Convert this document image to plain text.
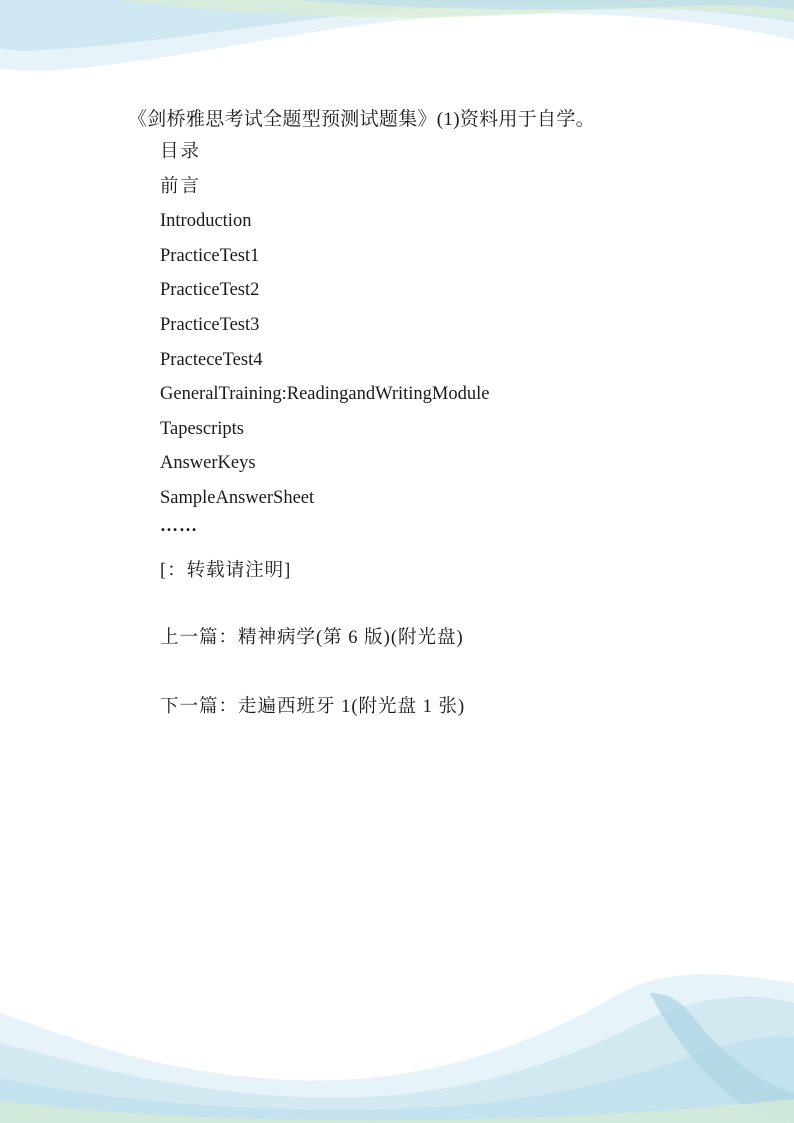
《剑桥雅思考试全题型预测试题集》(1)资料用于自学。
目录
前言
Introduction
PracticeTest1
PracticeTest2
PracticeTest3
PracteceTest4
GeneralTraining:ReadingandWritingModule
Tapescripts
AnswerKeys
SampleAnswerSheet
……
[：转载请注明]
上一篇：精神病学(第 6 版)(附光盘)
下一篇：走遍西班牙 1(附光盘 1 张)
